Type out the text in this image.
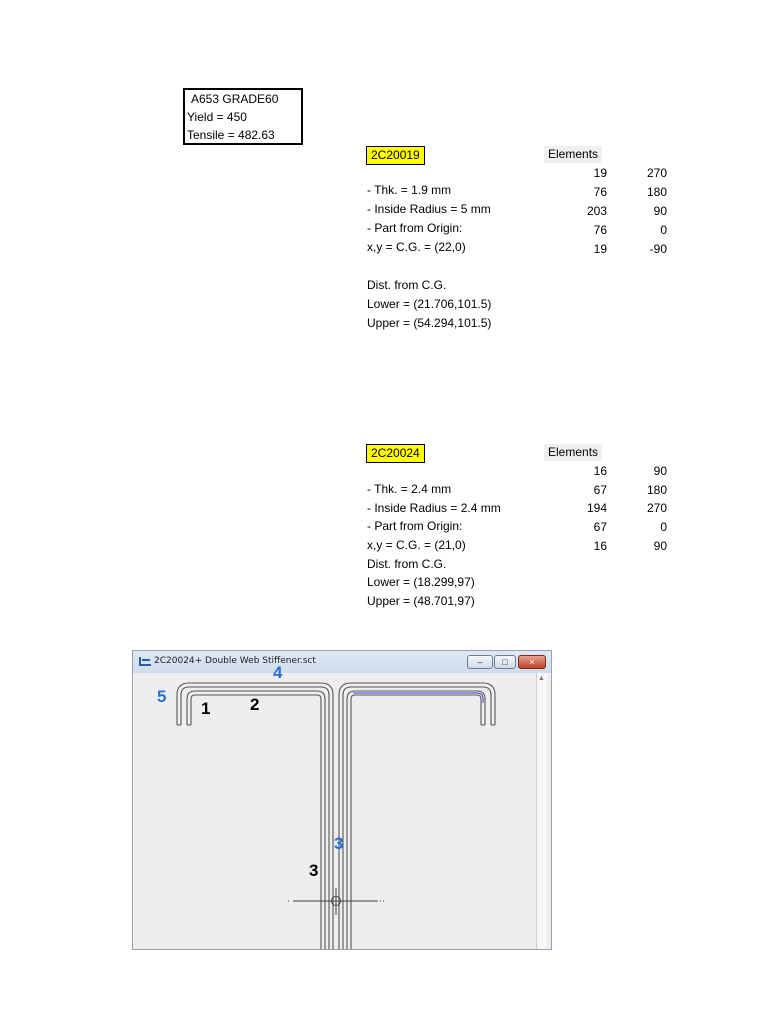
A653 GRADE60
Yield = 450
Tensile = 482.63
2C20019	Elements
- Thk. = 1.9 mm
- Inside Radius = 5 mm
- Part from Origin:
x,y = C.G. = (22,0)
19	270
76	180
203	90
76	0
19	-90
Dist. from C.G.
Lower = (21.706,101.5)
Upper = (54.294,101.5)
2C20024	Elements
- Thk. = 2.4 mm
- Inside Radius = 2.4 mm
- Part from Origin:
x,y = C.G. = (21,0)
16	90
67	180
194	270
67	0
16	90
Dist. from C.G.
Lower = (18.299,97)
Upper = (48.701,97)
2C20024+ Double Web Stiffener.sct	–	□	×
▲
1 2
3
3
4
5
